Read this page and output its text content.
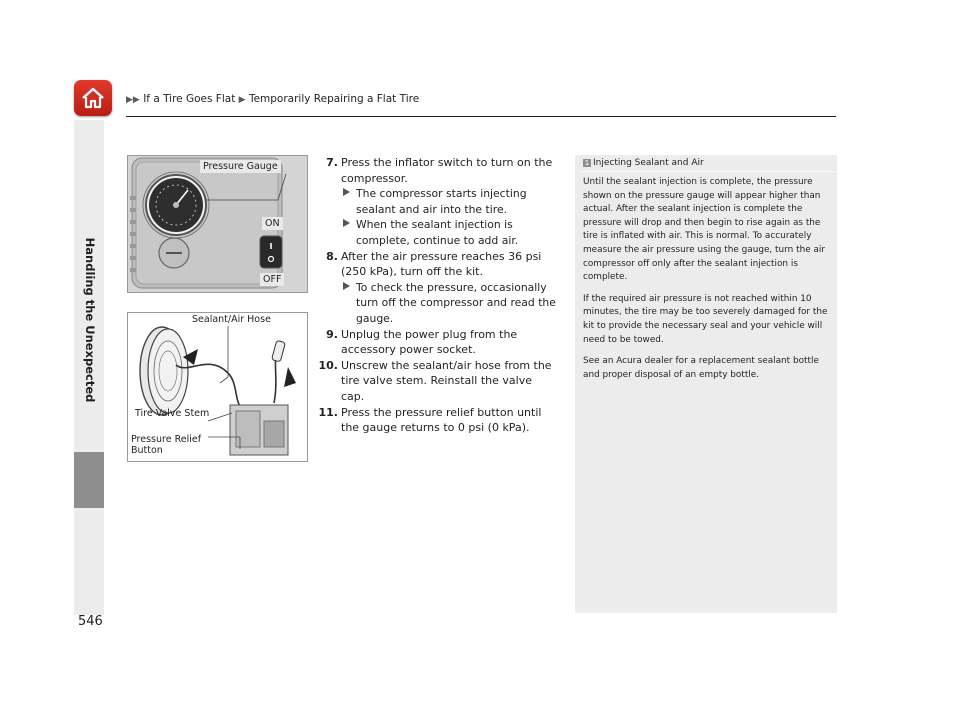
▶▶ If a Tire Goes Flat ▶ Temporarily Repairing a Flat Tire
Handling the Unexpected
Pressure Gauge
ON
OFF
Sealant/Air Hose
Tire Valve Stem
Pressure Relief
Button
7. Press the inflator switch to turn on the compressor.
The compressor starts injecting sealant and air into the tire.
When the sealant injection is complete, continue to add air.
8. After the air pressure reaches 36 psi (250 kPa), turn off the kit.
To check the pressure, occasionally turn off the compressor and read the gauge.
9. Unplug the power plug from the accessory power socket.
10. Unscrew the sealant/air hose from the tire valve stem. Reinstall the valve cap.
11. Press the pressure relief button until the gauge returns to 0 psi (0 kPa).
1 Injecting Sealant and Air

Until the sealant injection is complete, the pressure shown on the pressure gauge will appear higher than actual. After the sealant injection is complete the pressure will drop and then begin to rise again as the tire is inflated with air. This is normal. To accurately measure the air pressure using the gauge, turn the air compressor off only after the sealant injection is complete.

If the required air pressure is not reached within 10 minutes, the tire may be too severely damaged for the kit to provide the necessary seal and your vehicle will need to be towed.

See an Acura dealer for a replacement sealant bottle and proper disposal of an empty bottle.

546
